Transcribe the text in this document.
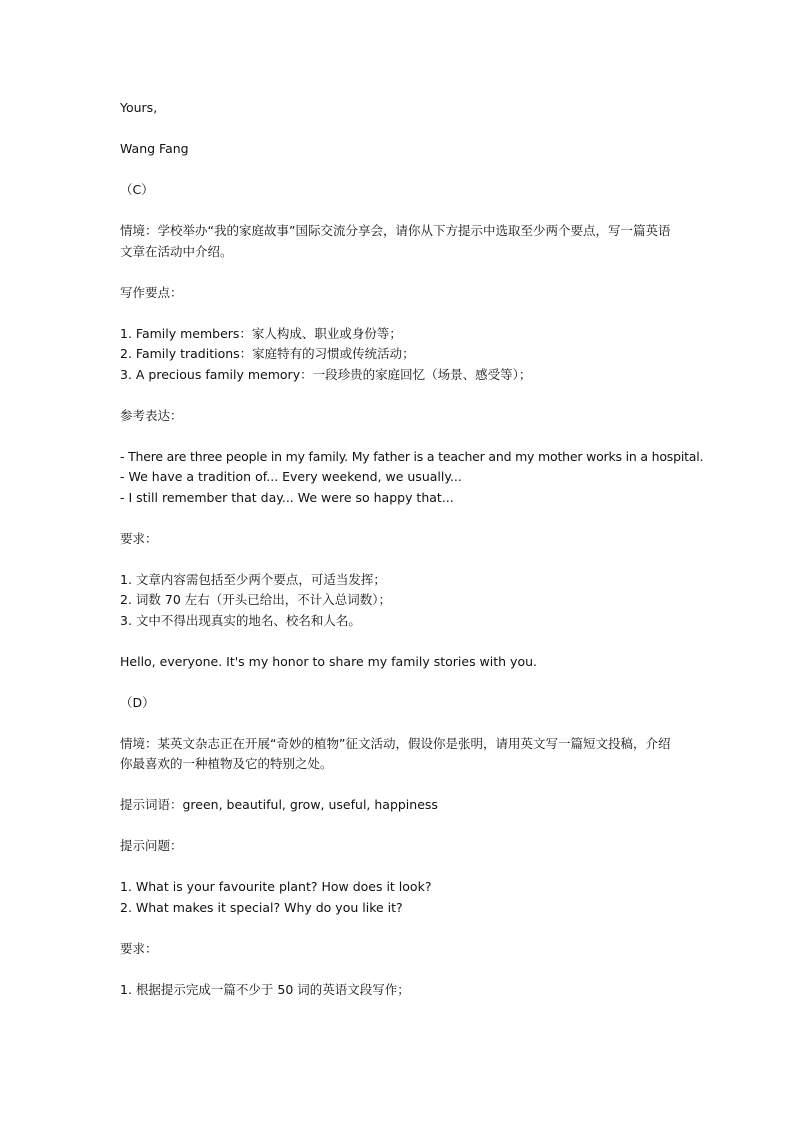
Yours,

Wang Fang

（C）

情境：学校举办“我的家庭故事”国际交流分享会，请你从下方提示中选取至少两个要点，写一篇英语文章在活动中介绍。

写作要点：

1. Family members：家人构成、职业或身份等；
2. Family traditions：家庭特有的习惯或传统活动；
3. A precious family memory：一段珍贵的家庭回忆（场景、感受等）；

参考表达：

- There are three people in my family. My father is a teacher and my mother works in a hospital.
- We have a tradition of... Every weekend, we usually...
- I still remember that day... We were so happy that...

要求：

1. 文章内容需包括至少两个要点，可适当发挥；
2. 词数 70 左右（开头已给出，不计入总词数）；
3. 文中不得出现真实的地名、校名和人名。

Hello, everyone. It's my honor to share my family stories with you.

（D）

情境：某英文杂志正在开展“奇妙的植物”征文活动，假设你是张明，请用英文写一篇短文投稿，介绍你最喜欢的一种植物及它的特别之处。

提示词语：green, beautiful, grow, useful, happiness

提示问题：

1. What is your favourite plant? How does it look?
2. What makes it special? Why do you like it?

要求：

1. 根据提示完成一篇不少于 50 词的英语文段写作；
